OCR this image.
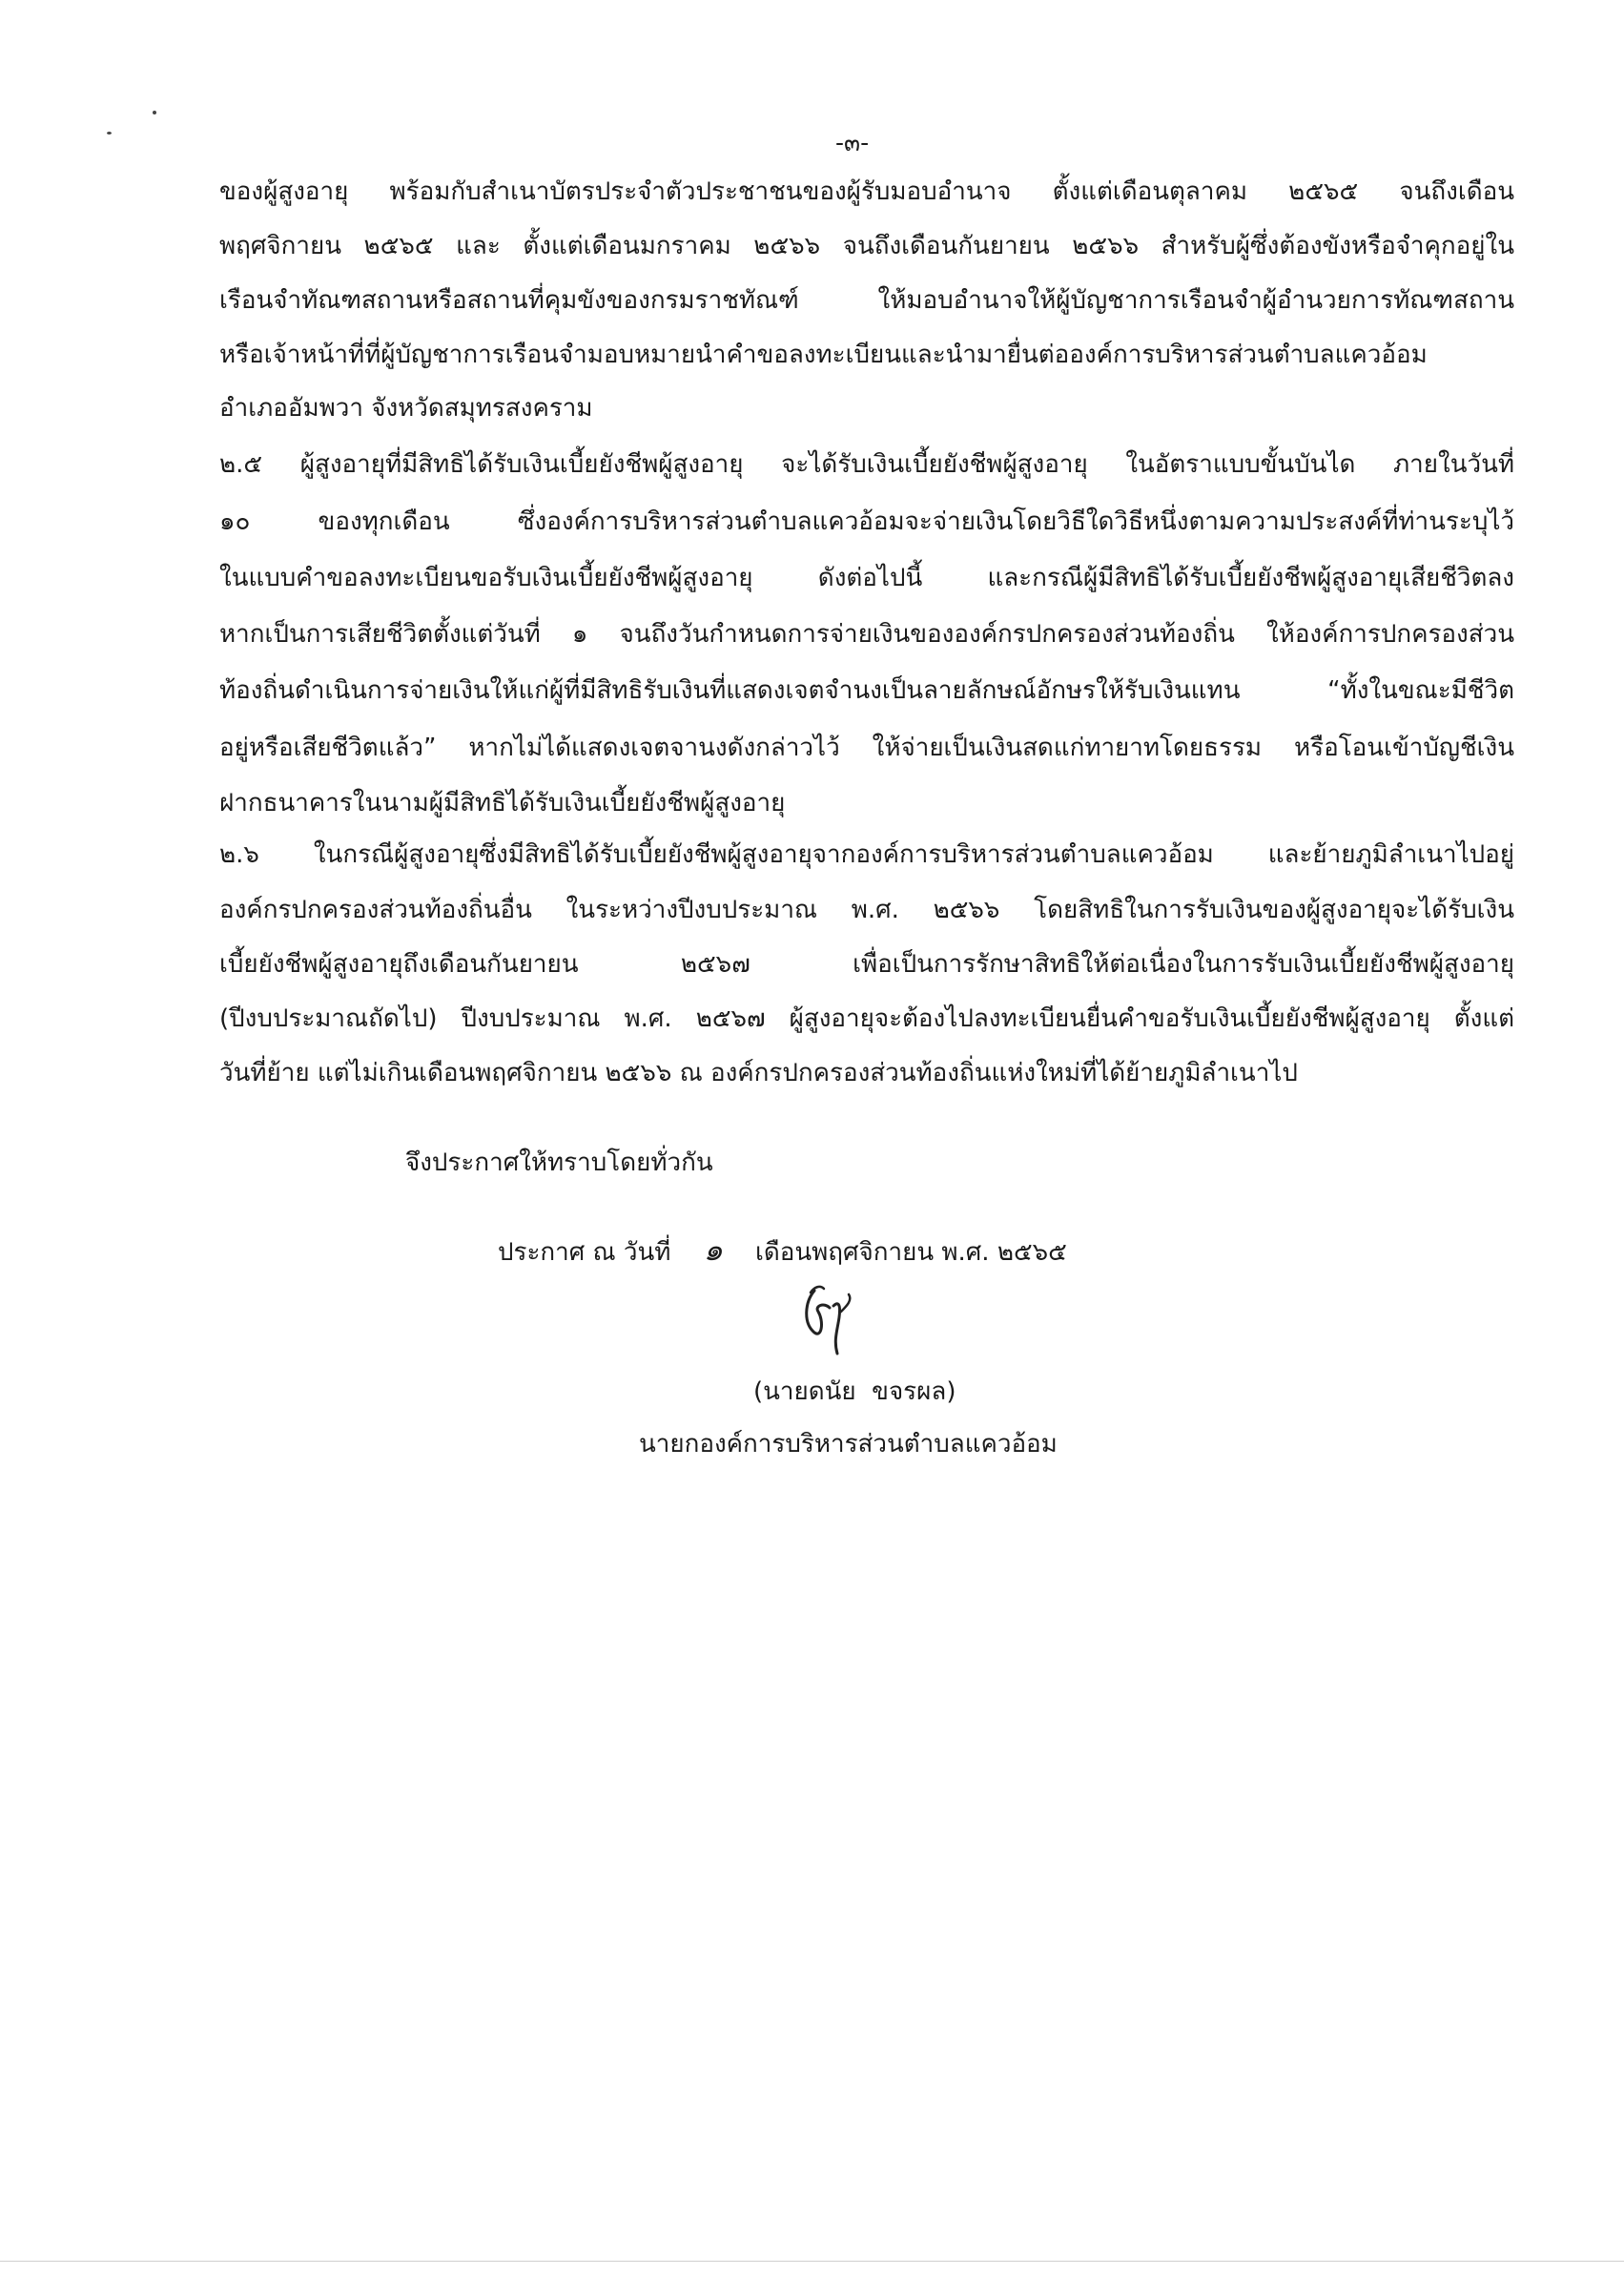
-๓-
ของผู้สูงอายุ พร้อมกับสำเนาบัตรประจำตัวประชาชนของผู้รับมอบอำนาจ ตั้งแต่เดือนตุลาคม ๒๕๖๕ จนถึงเดือน
พฤศจิกายน ๒๕๖๕ และ ตั้งแต่เดือนมกราคม ๒๕๖๖ จนถึงเดือนกันยายน ๒๕๖๖ สำหรับผู้ซึ่งต้องขังหรือจำคุกอยู่ใน
เรือนจำทัณฑสถานหรือสถานที่คุมขังของกรมราชทัณฑ์ ให้มอบอำนาจให้ผู้บัญชาการเรือนจำผู้อำนวยการทัณฑสถาน
หรือเจ้าหน้าที่ที่ผู้บัญชาการเรือนจำมอบหมายนำคำขอลงทะเบียนและนำมายื่นต่อองค์การบริหารส่วนตำบลแควอ้อม
อำเภออัมพวา จังหวัดสมุทรสงคราม
๒.๕ ผู้สูงอายุที่มีสิทธิได้รับเงินเบี้ยยังชีพผู้สูงอายุ จะได้รับเงินเบี้ยยังชีพผู้สูงอายุ ในอัตราแบบขั้นบันได ภายในวันที่
๑๐ ของทุกเดือน ซึ่งองค์การบริหารส่วนตำบลแควอ้อมจะจ่ายเงินโดยวิธีใดวิธีหนึ่งตามความประสงค์ที่ท่านระบุไว้
ในแบบคำขอลงทะเบียนขอรับเงินเบี้ยยังชีพผู้สูงอายุ ดังต่อไปนี้ และกรณีผู้มีสิทธิได้รับเบี้ยยังชีพผู้สูงอายุเสียชีวิตลง
หากเป็นการเสียชีวิตตั้งแต่วันที่ ๑ จนถึงวันกำหนดการจ่ายเงินขององค์กรปกครองส่วนท้องถิ่น ให้องค์การปกครองส่วน
ท้องถิ่นดำเนินการจ่ายเงินให้แก่ผู้ที่มีสิทธิรับเงินที่แสดงเจตจำนงเป็นลายลักษณ์อักษรให้รับเงินแทน “ทั้งในขณะมีชีวิต
อยู่หรือเสียชีวิตแล้ว” หากไม่ได้แสดงเจตจานงดังกล่าวไว้ ให้จ่ายเป็นเงินสดแก่ทายาทโดยธรรม หรือโอนเข้าบัญชีเงิน
ฝากธนาคารในนามผู้มีสิทธิได้รับเงินเบี้ยยังชีพผู้สูงอายุ
๒.๖ ในกรณีผู้สูงอายุซึ่งมีสิทธิได้รับเบี้ยยังชีพผู้สูงอายุจากองค์การบริหารส่วนตำบลแควอ้อม และย้ายภูมิลำเนาไปอยู่
องค์กรปกครองส่วนท้องถิ่นอื่น ในระหว่างปีงบประมาณ พ.ศ. ๒๕๖๖ โดยสิทธิในการรับเงินของผู้สูงอายุจะได้รับเงิน
เบี้ยยังชีพผู้สูงอายุถึงเดือนกันยายน ๒๕๖๗ เพื่อเป็นการรักษาสิทธิให้ต่อเนื่องในการรับเงินเบี้ยยังชีพผู้สูงอายุ
(ปีงบประมาณถัดไป) ปีงบประมาณ พ.ศ. ๒๕๖๗ ผู้สูงอายุจะต้องไปลงทะเบียนยื่นคำขอรับเงินเบี้ยยังชีพผู้สูงอายุ ตั้งแต่
วันที่ย้าย แต่ไม่เกินเดือนพฤศจิกายน ๒๕๖๖ ณ องค์กรปกครองส่วนท้องถิ่นแห่งใหม่ที่ได้ย้ายภูมิลำเนาไป
จึงประกาศให้ทราบโดยทั่วกัน
ประกาศ ณ วันที่ ๑ เดือนพฤศจิกายน พ.ศ. ๒๕๖๕
(นายดนัย  ขจรผล)
นายกองค์การบริหารส่วนตำบลแควอ้อม
